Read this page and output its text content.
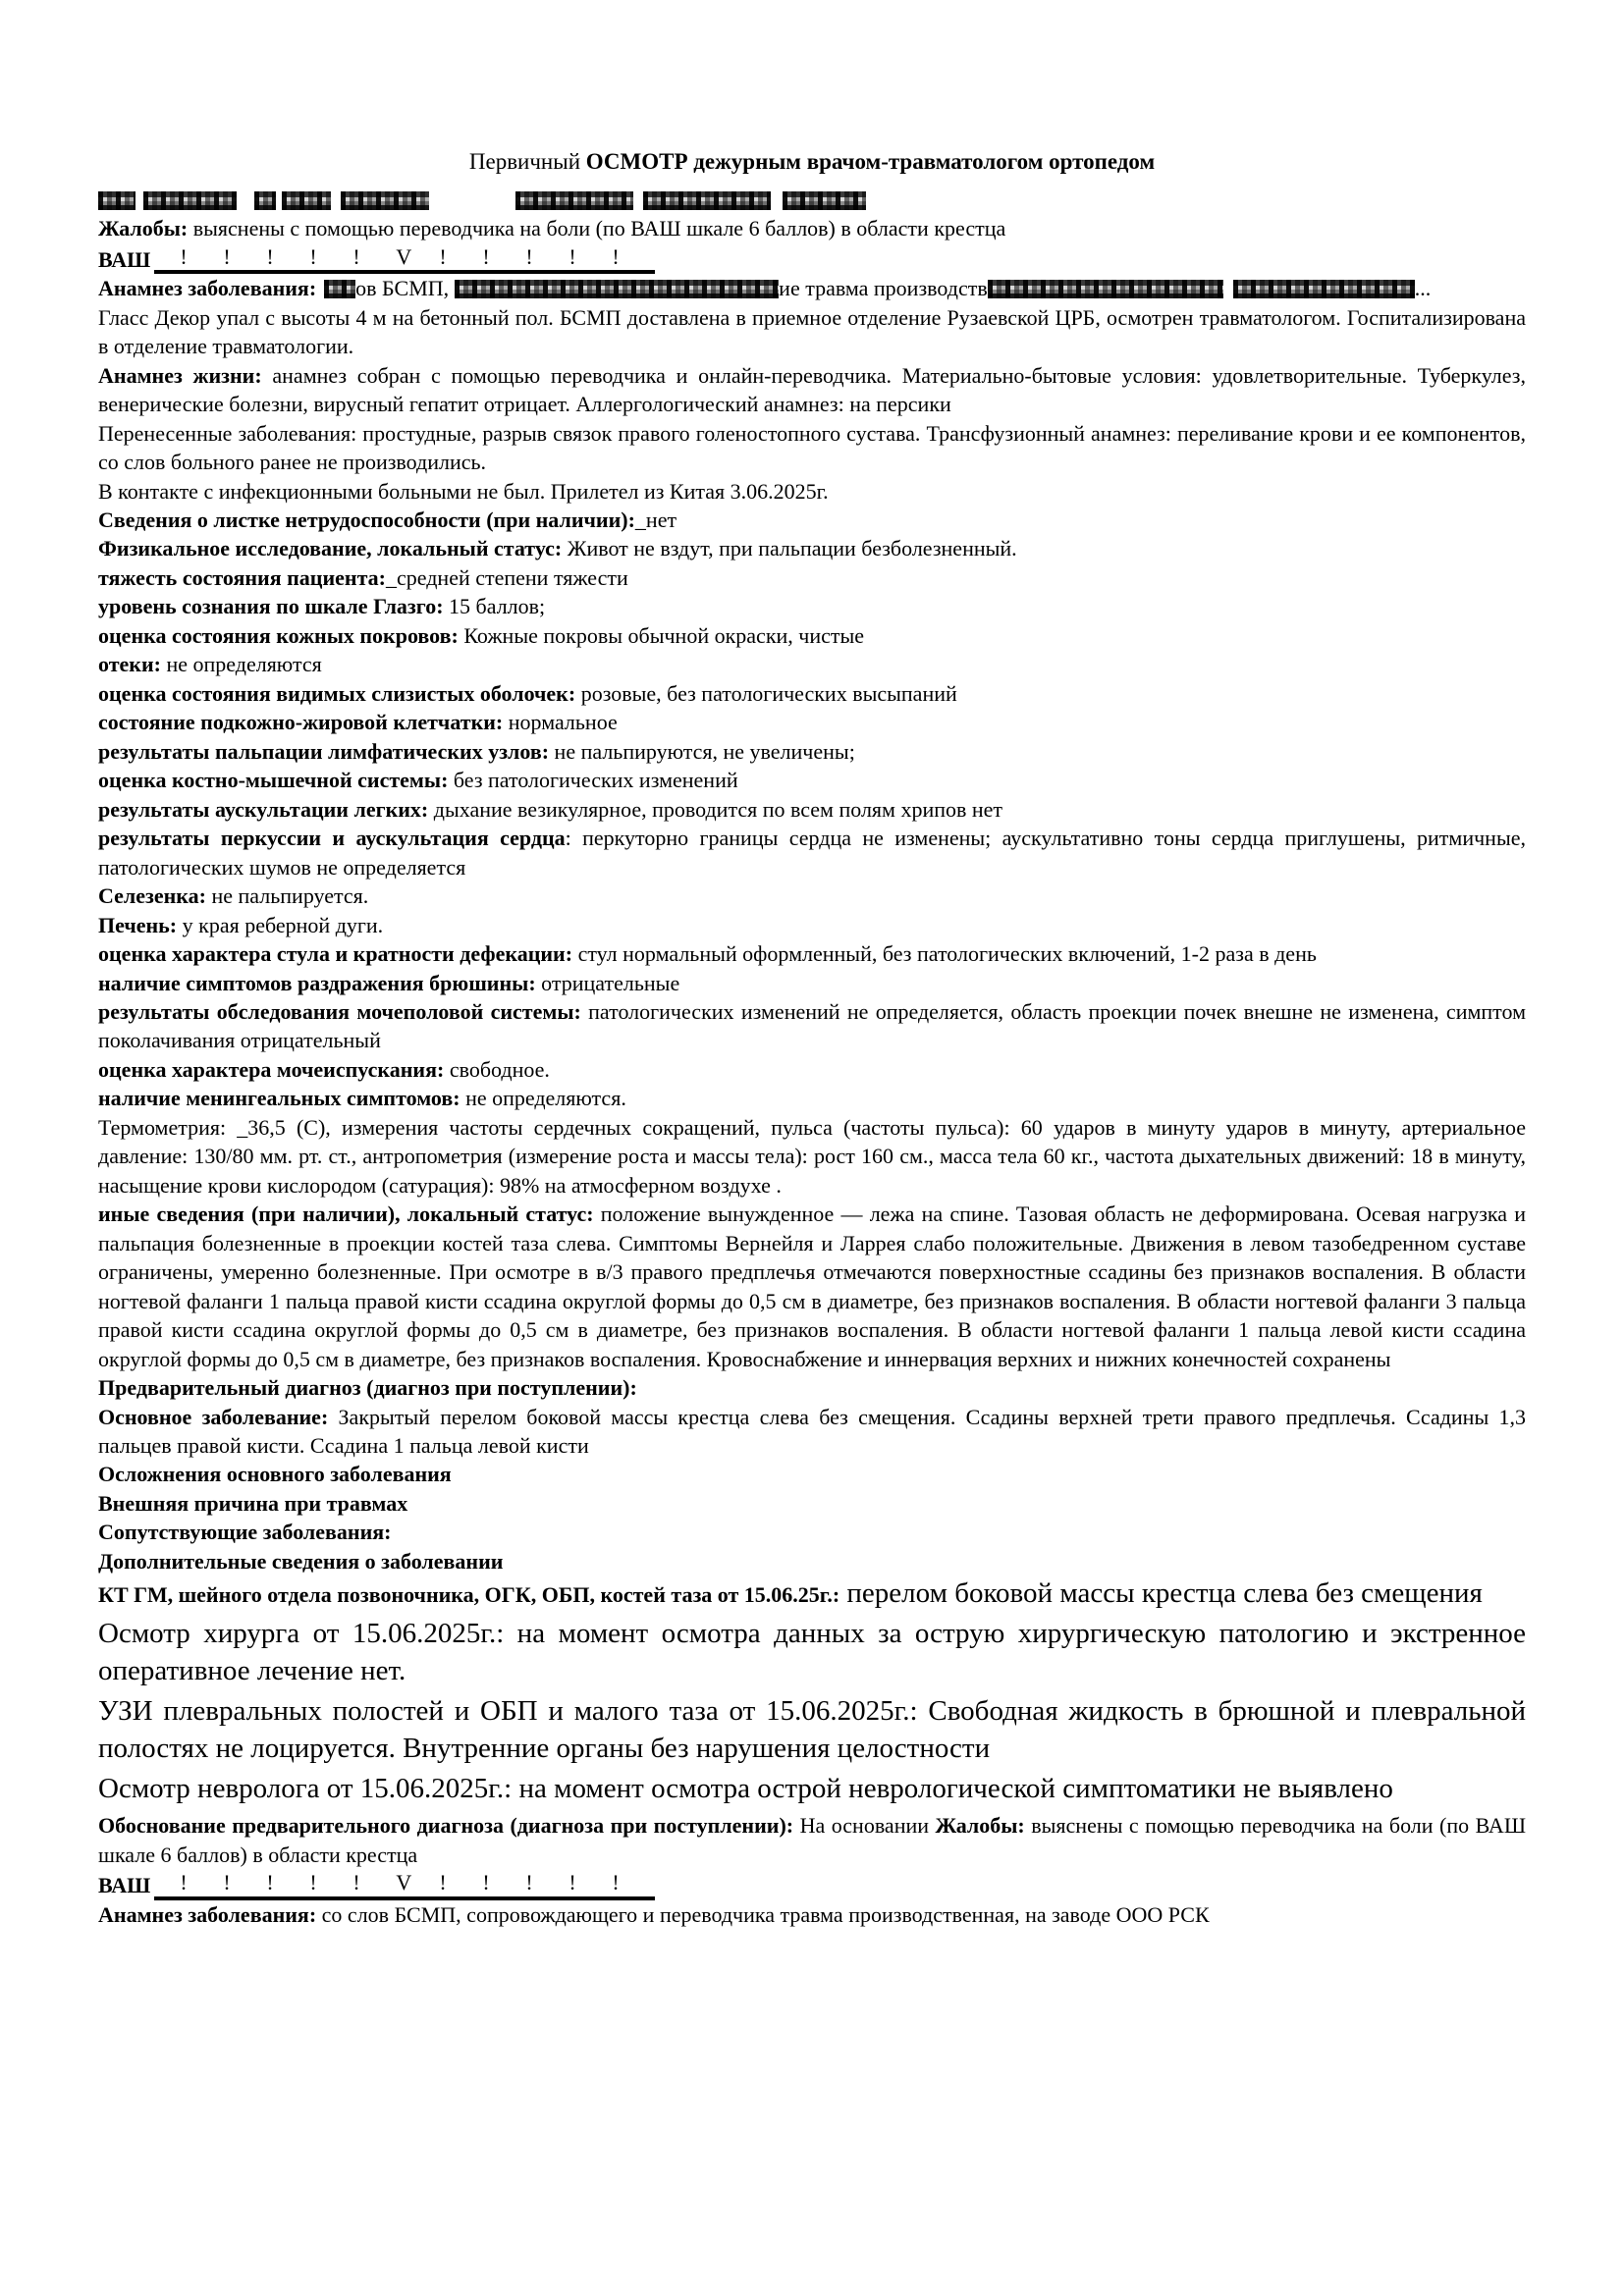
Первичный ОСМОТР дежурным врачом-травматологом ортопедом

Жалобы: выяснены с помощью переводчика на боли (по ВАШ шкале 6 баллов) в области крестца

ВАШ !	!	!	!	!	V	!	!	!	!	!

Анамнез заболевания: ов БСМП,	ие травма производств	...

Гласс Декор упал с высоты 4 м на бетонный пол. БСМП доставлена в приемное отделение Рузаевской ЦРБ, осмотрен травматологом. Госпитализирована в отделение травматологии.

Анамнез жизни: анамнез собран с помощью переводчика и онлайн-переводчика. Материально-бытовые условия: удовлетворительные. Туберкулез, венерические болезни, вирусный гепатит отрицает. Аллергологический анамнез: на персики

Перенесенные заболевания: простудные, разрыв связок правого голеностопного сустава. Трансфузионный анамнез: переливание крови и ее компонентов, со слов больного ранее не производились.

В контакте с инфекционными больными не был. Прилетел из Китая 3.06.2025г.

Сведения о листке нетрудоспособности (при наличии):_нет

Физикальное исследование, локальный статус: Живот не вздут, при пальпации безболезненный.

тяжесть состояния пациента:_средней степени тяжести

уровень сознания по шкале Глазго: 15 баллов;

оценка состояния кожных покровов: Кожные покровы обычной окраски, чистые

отеки: не определяются

оценка состояния видимых слизистых оболочек: розовые, без патологических высыпаний

состояние подкожно-жировой клетчатки: нормальное

результаты пальпации лимфатических узлов: не пальпируются, не увеличены;

оценка костно-мышечной системы: без патологических изменений

результаты аускультации легких: дыхание везикулярное, проводится по всем полям хрипов нет

результаты перкуссии и аускультация сердца: перкуторно границы сердца не изменены; аускультативно тоны сердца приглушены, ритмичные, патологических шумов не определяется

Селезенка: не пальпируется.

Печень: у края реберной дуги.

оценка характера стула и кратности дефекации: стул нормальный оформленный, без патологических включений, 1-2 раза в день

наличие симптомов раздражения брюшины: отрицательные

результаты обследования мочеполовой системы: патологических изменений не определяется, область проекции почек внешне не изменена, симптом поколачивания отрицательный

оценка характера мочеиспускания: свободное.

наличие менингеальных симптомов: не определяются.

Термометрия: _36,5 (С), измерения частоты сердечных сокращений, пульса (частоты пульса): 60 ударов в минуту ударов в минуту, артериальное давление: 130/80 мм. рт. ст., антропометрия (измерение роста и массы тела): рост 160 см., масса тела 60 кг., частота дыхательных движений: 18 в минуту, насыщение крови кислородом (сатурация): 98% на атмосферном воздухе .

иные сведения (при наличии), локальный статус: положение вынужденное — лежа на спине. Тазовая область не деформирована. Осевая нагрузка и пальпация болезненные в проекции костей таза слева. Симптомы Вернейля и Ларрея слабо положительные. Движения в левом тазобедренном суставе ограничены, умеренно болезненные. При осмотре в в/3 правого предплечья отмечаются поверхностные ссадины без признаков воспаления. В области ногтевой фаланги 1 пальца правой кисти ссадина округлой формы до 0,5 см в диаметре, без признаков воспаления. В области ногтевой фаланги 3 пальца правой кисти ссадина округлой формы до 0,5 см в диаметре, без признаков воспаления. В области ногтевой фаланги 1 пальца левой кисти ссадина округлой формы до 0,5 см в диаметре, без признаков воспаления. Кровоснабжение и иннервация верхних и нижних конечностей сохранены

Предварительный диагноз (диагноз при поступлении):

Основное заболевание: Закрытый перелом боковой массы крестца слева без смещения. Ссадины верхней трети правого предплечья. Ссадины 1,3 пальцев правой кисти. Ссадина 1 пальца левой кисти

Осложнения основного заболевания

Внешняя причина при травмах

Сопутствующие заболевания:

Дополнительные сведения о заболевании

КТ ГМ, шейного отдела позвоночника, ОГК, ОБП, костей таза от 15.06.25г.: перелом боковой массы крестца слева без смещения

Осмотр хирурга от 15.06.2025г.: на момент осмотра данных за острую хирургическую патологию и экстренное оперативное лечение нет.

УЗИ плевральных полостей и ОБП и малого таза от 15.06.2025г.: Свободная жидкость в брюшной и плевральной полостях не лоцируется. Внутренние органы без нарушения целостности

Осмотр невролога от 15.06.2025г.: на момент осмотра острой неврологической симптоматики не выявлено

Обоснование предварительного диагноза (диагноза при поступлении): На основании Жалобы: выяснены с помощью переводчика на боли (по ВАШ шкале 6 баллов) в области крестца

ВАШ !	!	!	!	!	V	!	!	!	!	!

Анамнез заболевания: со слов БСМП, сопровождающего и переводчика травма производственная, на заводе ООО РСК
